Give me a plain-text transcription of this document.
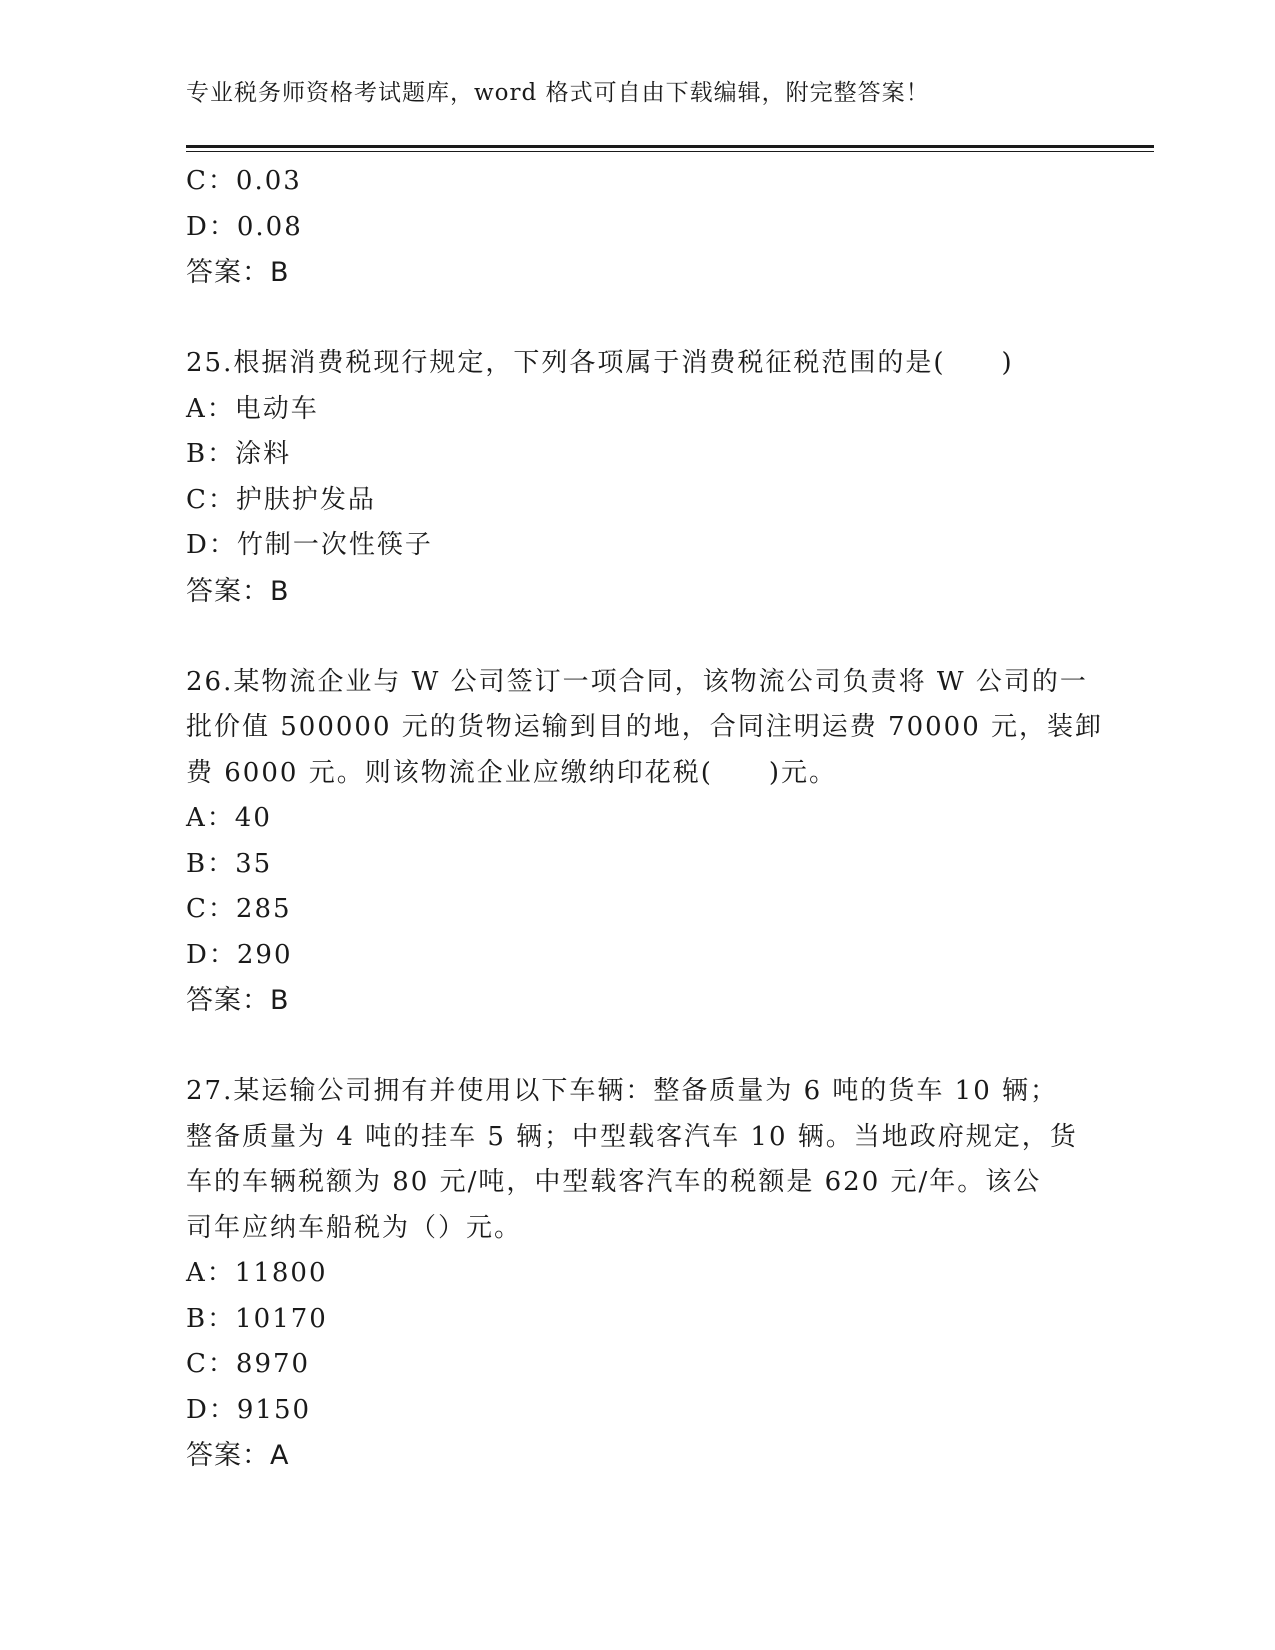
专业税务师资格考试题库，word 格式可自由下载编辑，附完整答案！
C：0.03
D：0.08
答案：B
25.根据消费税现行规定，下列各项属于消费税征税范围的是(　　)
A：电动车
B：涂料
C：护肤护发品
D：竹制一次性筷子
答案：B
26.某物流企业与 W 公司签订一项合同，该物流公司负责将 W 公司的一
批价值 500000 元的货物运输到目的地，合同注明运费 70000 元，装卸
费 6000 元。则该物流企业应缴纳印花税(　　)元。
A：40
B：35
C：285
D：290
答案：B
27.某运输公司拥有并使用以下车辆：整备质量为 6 吨的货车 10 辆；
整备质量为 4 吨的挂车 5 辆；中型载客汽车 10 辆。当地政府规定，货
车的车辆税额为 80 元/吨，中型载客汽车的税额是 620 元/年。该公
司年应纳车船税为（）元。
A：11800
B：10170
C：8970
D：9150
答案：A
